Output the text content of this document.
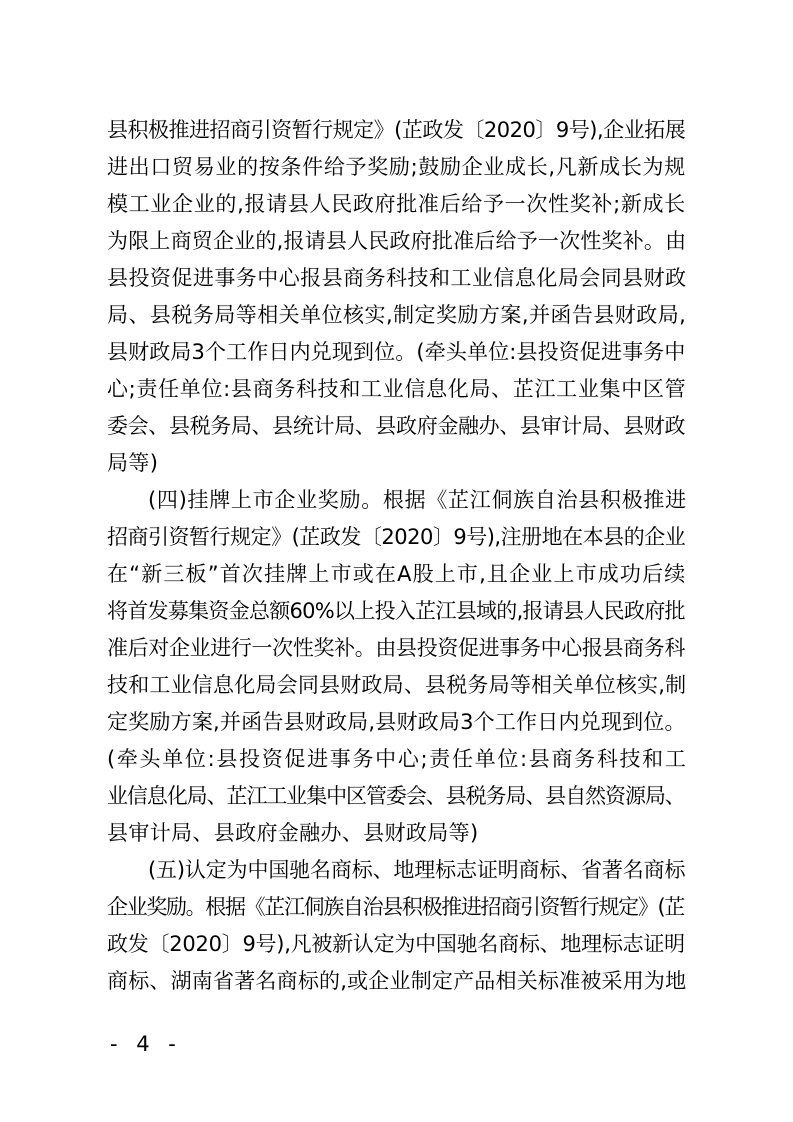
县积极推进招商引资暂行规定》(芷政发〔2020〕9号),企业拓展
进出口贸易业的按条件给予奖励;鼓励企业成长,凡新成长为规
模工业企业的,报请县人民政府批准后给予一次性奖补;新成长
为限上商贸企业的,报请县人民政府批准后给予一次性奖补。由
县投资促进事务中心报县商务科技和工业信息化局会同县财政
局、县税务局等相关单位核实,制定奖励方案,并函告县财政局,
县财政局3个工作日内兑现到位。(牵头单位:县投资促进事务中
心;责任单位:县商务科技和工业信息化局、芷江工业集中区管
委会、县税务局、县统计局、县政府金融办、县审计局、县财政
局等)
(四)挂牌上市企业奖励。根据《芷江侗族自治县积极推进
招商引资暂行规定》(芷政发〔2020〕9号),注册地在本县的企业
在“新三板”首次挂牌上市或在A股上市,且企业上市成功后续
将首发募集资金总额60%以上投入芷江县域的,报请县人民政府批
准后对企业进行一次性奖补。由县投资促进事务中心报县商务科
技和工业信息化局会同县财政局、县税务局等相关单位核实,制
定奖励方案,并函告县财政局,县财政局3个工作日内兑现到位。
(牵头单位:县投资促进事务中心;责任单位:县商务科技和工
业信息化局、芷江工业集中区管委会、县税务局、县自然资源局、
县审计局、县政府金融办、县财政局等)
(五)认定为中国驰名商标、地理标志证明商标、省著名商标
企业奖励。根据《芷江侗族自治县积极推进招商引资暂行规定》(芷
政发〔2020〕9号),凡被新认定为中国驰名商标、地理标志证明
商标、湖南省著名商标的,或企业制定产品相关标准被采用为地
- 4 -
